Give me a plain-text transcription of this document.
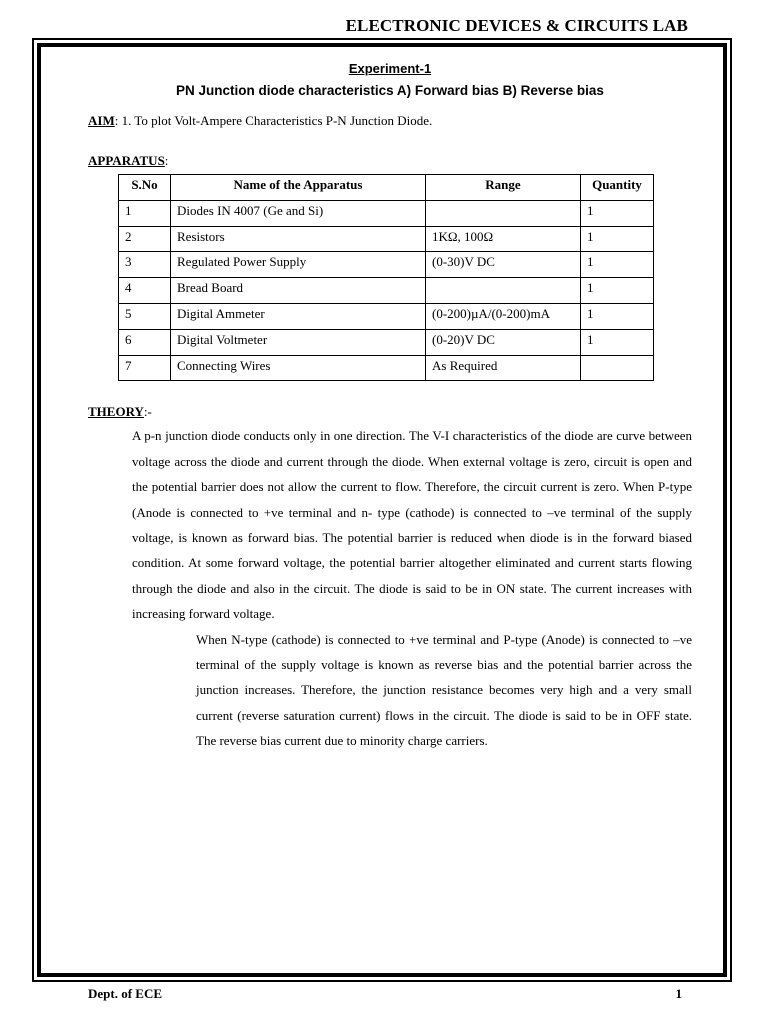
ELECTRONIC DEVICES & CIRCUITS LAB
Experiment-1
PN Junction diode characteristics A) Forward bias B) Reverse bias
AIM: 1. To plot Volt-Ampere Characteristics P-N Junction Diode.
APPARATUS:
S.No	Name of the Apparatus	Range	Quantity
1	Diodes IN 4007 (Ge and Si)		1
2	Resistors	1KΩ, 100Ω	1
3	Regulated Power Supply	(0-30)V DC	1
4	Bread Board		1
5	Digital Ammeter	(0-200)µA/(0-200)mA	1
6	Digital Voltmeter	(0-20)V DC	1
7	Connecting Wires	As Required	
THEORY:-

A p-n junction diode conducts only in one direction. The V-I characteristics of the diode are curve between voltage across the diode and current through the diode. When external voltage is zero, circuit is open and the potential barrier does not allow the current to flow. Therefore, the circuit current is zero. When P-type (Anode is connected to +ve terminal and n- type (cathode) is connected to –ve terminal of the supply voltage, is known as forward bias. The potential barrier is reduced when diode is in the forward biased condition. At some forward voltage, the potential barrier altogether eliminated and current starts flowing through the diode and also in the circuit. The diode is said to be in ON state. The current increases with increasing forward voltage.

When N-type (cathode) is connected to +ve terminal and P-type (Anode) is connected to –ve terminal of the supply voltage is known as reverse bias and the potential barrier across the junction increases. Therefore, the junction resistance becomes very high and a very small current (reverse saturation current) flows in the circuit. The diode is said to be in OFF state. The reverse bias current due to minority charge carriers.

Dept. of ECE	1
